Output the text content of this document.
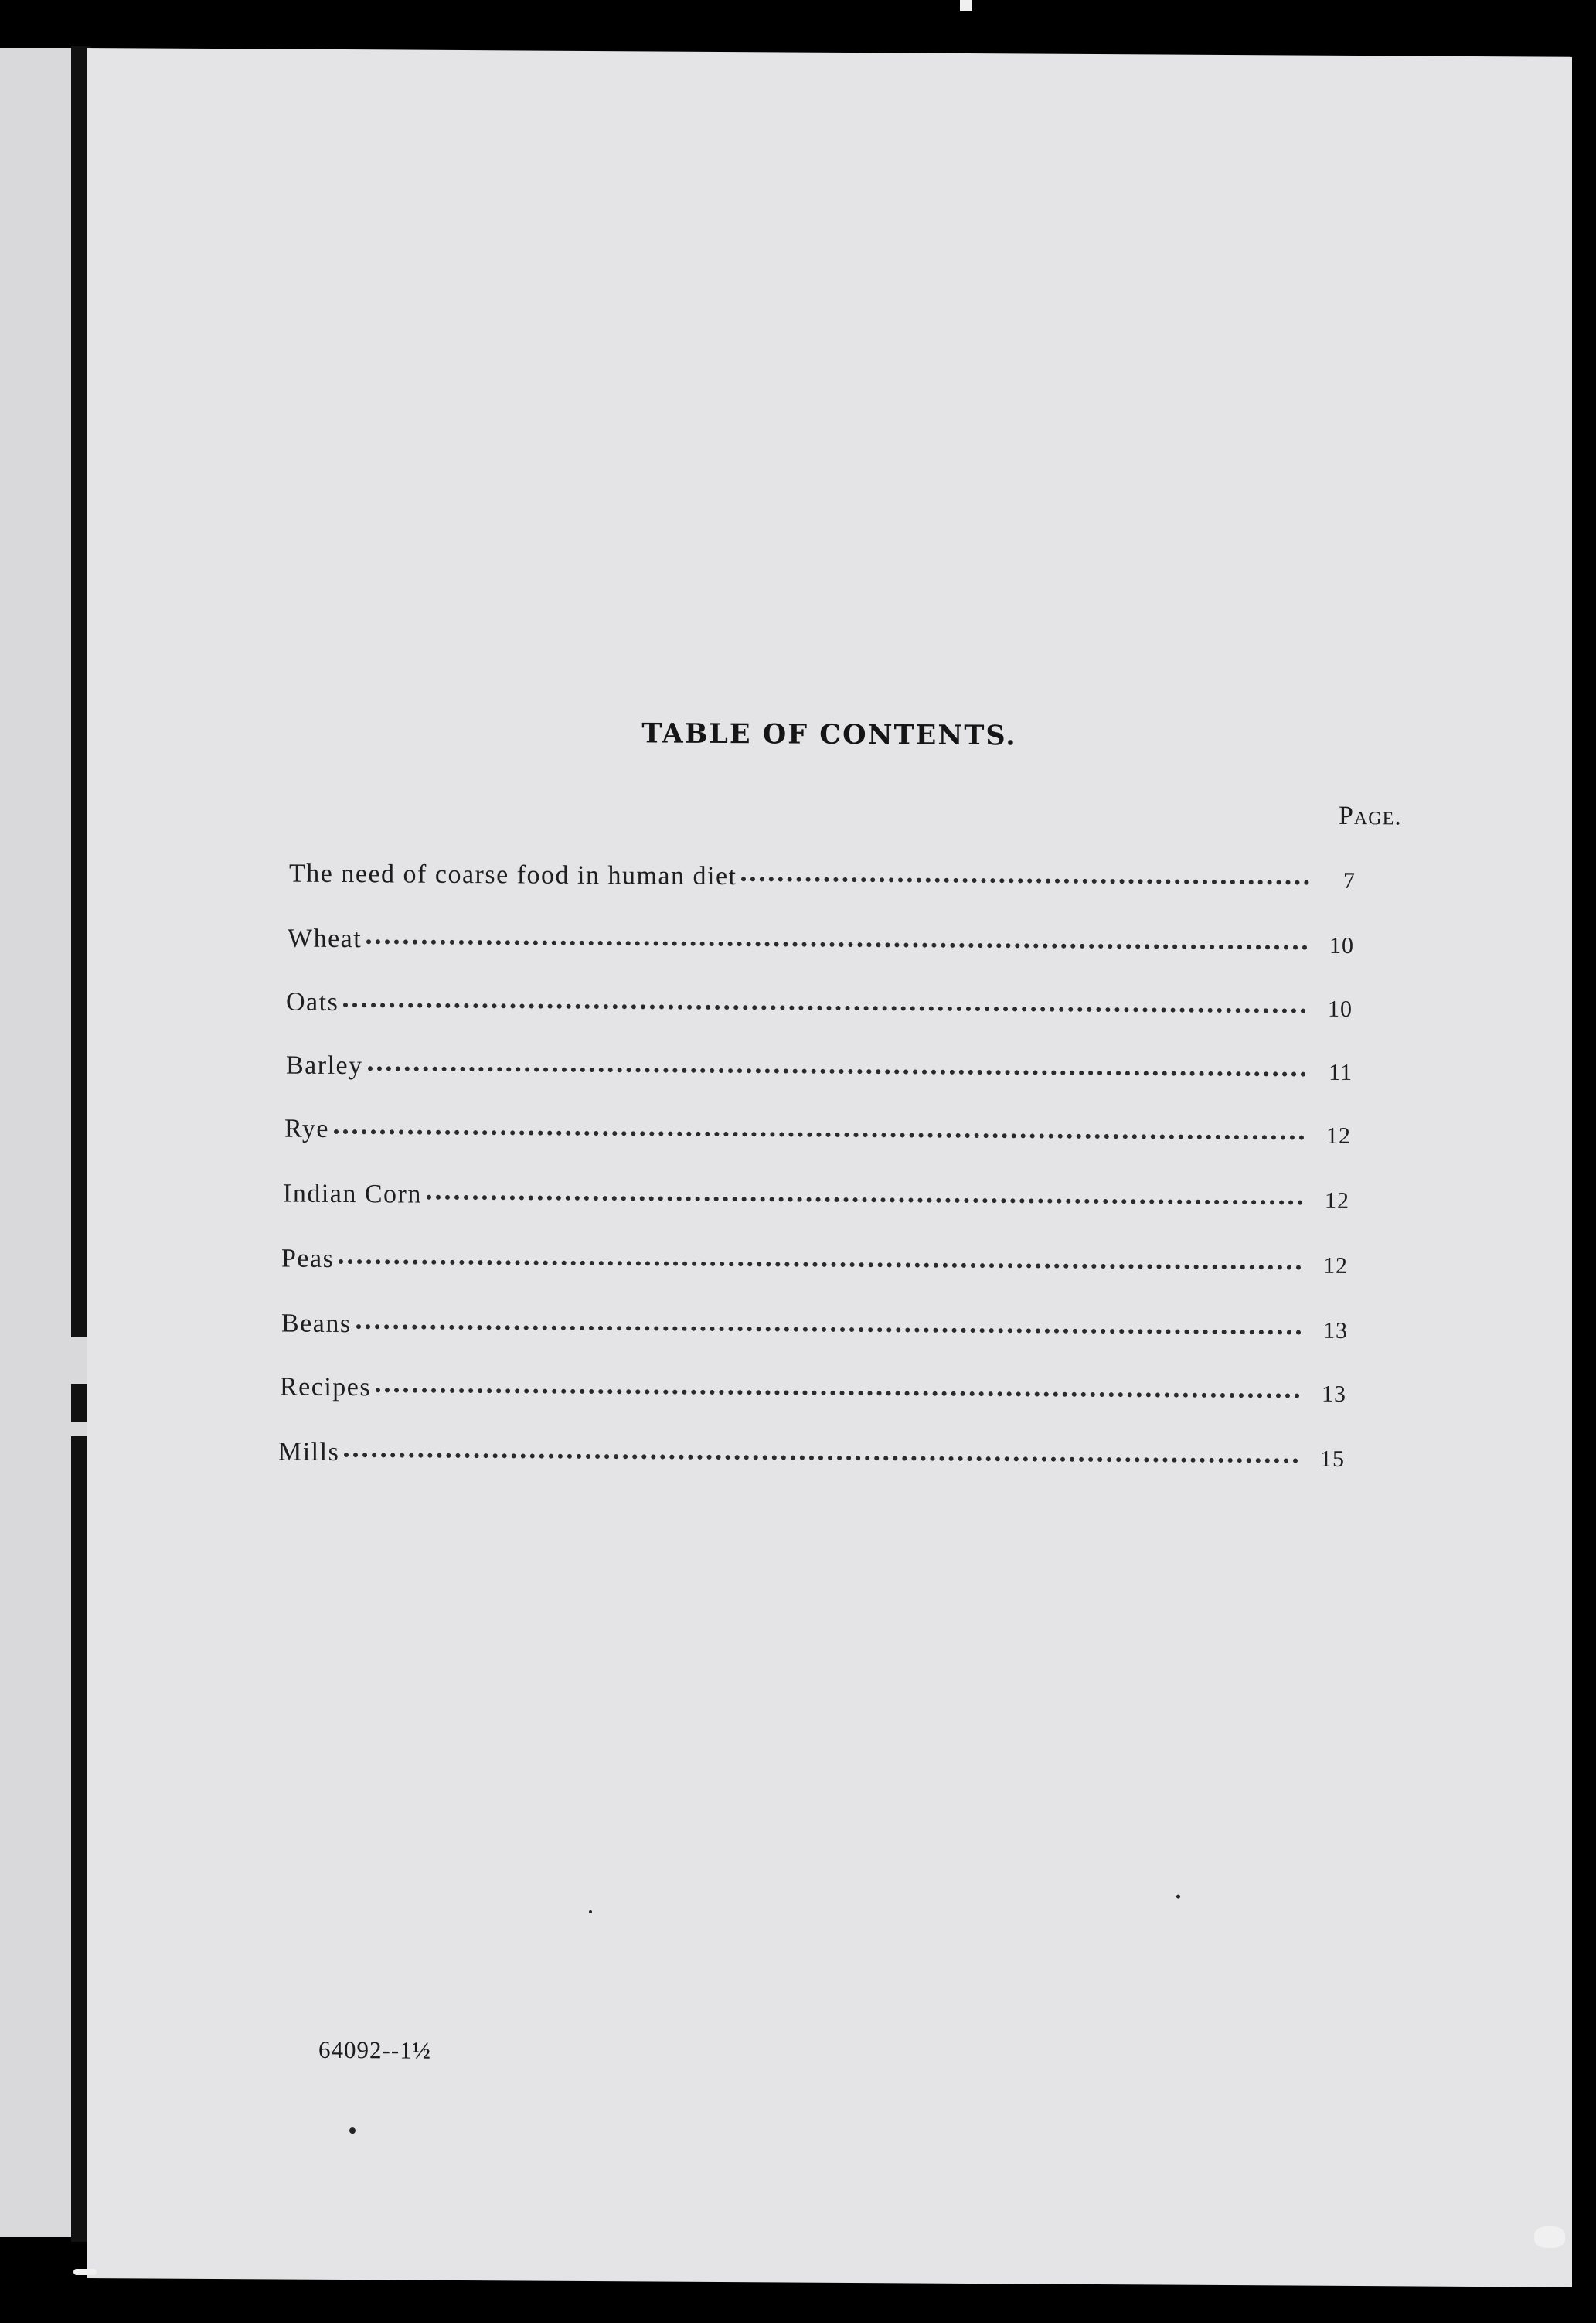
TABLE OF CONTENTS.
Page.
The need of coarse food in human diet	7
Wheat	10
Oats	10
Barley	11
Rye	12
Indian Corn	12
Peas	12
Beans	13
Recipes	13
Mills	15
64092--1½
